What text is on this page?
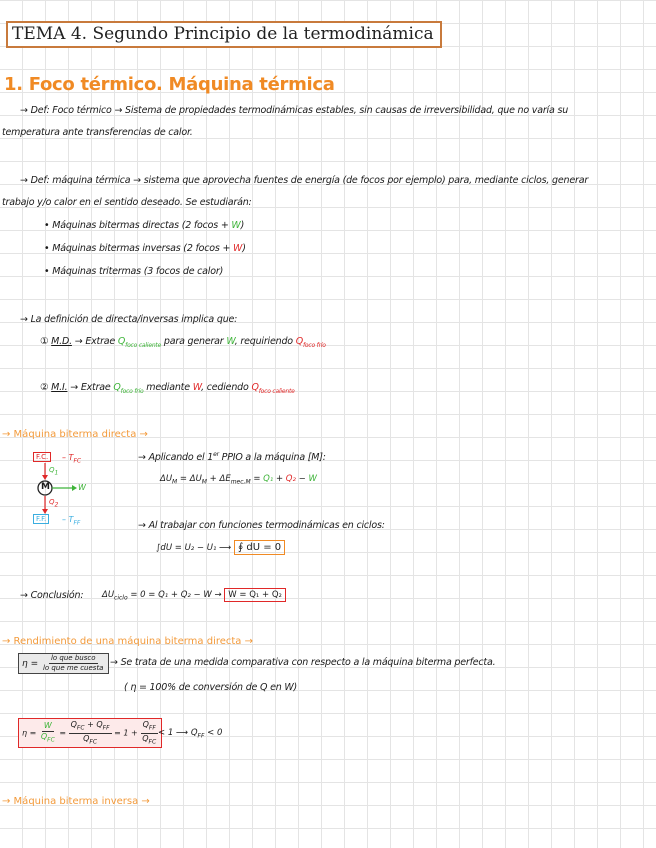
TEMA 4. Segundo Principio de la termodinámica
1. Foco térmico. Máquina térmica
→ Def: Foco térmico → Sistema de propiedades termodinámicas estables, sin causas de irreversibilidad, que no varía su
temperatura ante transferencias de calor.
→ Def: máquina térmica → sistema que aprovecha fuentes de energía (de focos por ejemplo) para, mediante ciclos, generar
trabajo y/o calor en el sentido deseado. Se estudiarán:
• Máquinas bitermas directas (2 focos + W)
• Máquinas bitermas inversas (2 focos + W)
• Máquinas tritermas (3 focos de calor)
→ La definición de directa/inversas implica que:
① M.D. → Extrae $Q_{foco caliente}$ para generar W, requiriendo $Q_{foco frío}$
② M.I. → Extrae $Q_{foco frío}$ mediante W, cediendo $Q_{foco caliente}$
→ Máquina biterma directa →
F.C.	– $T_{FC}$
Q1
M	W
Q2
F.F.	– $T_{FF}$
→ Aplicando el 1er PPIO a la máquina [M]:
$\Delta U_M = \Delta U_M + \Delta E_{mec,M} = Q_1 + Q_2 - W$
→ Al trabajar con funciones termodinámicas en ciclos:
∫dU = U₂ − U₁ ⟶ ∮ dU = 0
→ Conclusión: $\Delta U_{ciclo} = 0 = Q_1 + Q_2 - W \to W = Q_1 + Q_2$
→ Rendimiento de una máquina biterma directa →
$\eta = \frac{\text{lo que busco}}{\text{lo que me cuesta}} \to Se$ trata de una medida comparativa con respecto a la máquina biterma perfecta.
( η = 100% de conversión de Q en W)
$\eta = \frac{W}{Q_{FC}} = \frac{Q_{FC} + Q_{FF}}{Q_{FC}} = 1 + \frac{Q_{FF}}{Q_{FC}} < 1$ ⟶ $Q_{FF} < 0$
→ Máquina biterma inversa →
